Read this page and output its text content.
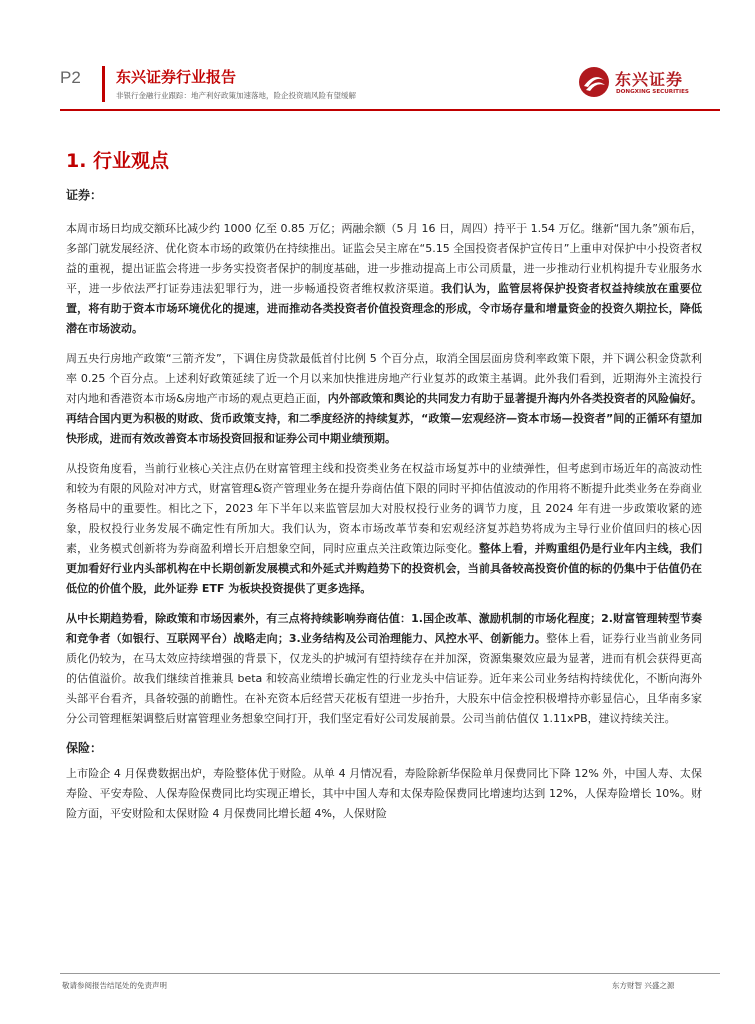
P2 东兴证券行业报告
非银行金融行业跟踪：地产利好政策加速落地，险企投资端风险有望缓解
东兴证券
DONGXING SECURITIES
1. 行业观点
证券：

本周市场日均成交额环比减少约 1000 亿至 0.85 万亿；两融余额（5 月 16 日，周四）持平于 1.54 万亿。继新“国九条”颁布后，多部门就发展经济、优化资本市场的政策仍在持续推出。证监会吴主席在“5.15 全国投资者保护宣传日”上重申对保护中小投资者权益的重视，提出证监会将进一步务实投资者保护的制度基础，进一步推动提高上市公司质量，进一步推动行业机构提升专业服务水平，进一步依法严打证券违法犯罪行为，进一步畅通投资者维权救济渠道。我们认为，监管层将保护投资者权益持续放在重要位置，将有助于资本市场环境优化的提速，进而推动各类投资者价值投资理念的形成，令市场存量和增量资金的投资久期拉长，降低潜在市场波动。

周五央行房地产政策“三箭齐发”，下调住房贷款最低首付比例 5 个百分点，取消全国层面房贷利率政策下限，并下调公积金贷款利率 0.25 个百分点。上述利好政策延续了近一个月以来加快推进房地产行业复苏的政策主基调。此外我们看到，近期海外主流投行对内地和香港资本市场&房地产市场的观点更趋正面，内外部政策和舆论的共同发力有助于显著提升海内外各类投资者的风险偏好。再结合国内更为积极的财政、货币政策支持，和二季度经济的持续复苏，“政策—宏观经济—资本市场—投资者”间的正循环有望加快形成，进而有效改善资本市场投资回报和证券公司中期业绩预期。

从投资角度看，当前行业核心关注点仍在财富管理主线和投资类业务在权益市场复苏中的业绩弹性，但考虑到市场近年的高波动性和较为有限的风险对冲方式，财富管理&资产管理业务在提升券商估值下限的同时平抑估值波动的作用将不断提升此类业务在券商业务格局中的重要性。相比之下，2023 年下半年以来监管层加大对股权投行业务的调节力度，且 2024 年有进一步政策收紧的迹象，股权投行业务发展不确定性有所加大。我们认为，资本市场改革节奏和宏观经济复苏趋势将成为主导行业价值回归的核心因素，业务模式创新将为券商盈利增长开启想象空间，同时应重点关注政策边际变化。整体上看，并购重组仍是行业年内主线，我们更加看好行业内头部机构在中长期创新发展模式和外延式并购趋势下的投资机会，当前具备较高投资价值的标的仍集中于估值仍在低位的价值个股，此外证券 ETF 为板块投资提供了更多选择。

从中长期趋势看，除政策和市场因素外，有三点将持续影响券商估值：1.国企改革、激励机制的市场化程度；2.财富管理转型节奏和竞争者（如银行、互联网平台）战略走向；3.业务结构及公司治理能力、风控水平、创新能力。整体上看，证券行业当前业务同质化仍较为，在马太效应持续增强的背景下，仅龙头的护城河有望持续存在并加深，资源集聚效应最为显著，进而有机会获得更高的估值溢价。故我们继续首推兼具 beta 和较高业绩增长确定性的行业龙头中信证券。近年来公司业务结构持续优化，不断向海外头部平台看齐，具备较强的前瞻性。在补充资本后经营天花板有望进一步抬升，大股东中信金控积极增持亦彰显信心，且华南多家分公司管理框架调整后财富管理业务想象空间打开，我们坚定看好公司发展前景。公司当前估值仅 1.11xPB，建议持续关注。

保险：

上市险企 4 月保费数据出炉，寿险整体优于财险。从单 4 月情况看，寿险除新华保险单月保费同比下降 12% 外，中国人寿、太保寿险、平安寿险、人保寿险保费同比均实现正增长，其中中国人寿和太保寿险保费同比增速均达到 12%，人保寿险增长 10%。财险方面，平安财险和太保财险 4 月保费同比增长超 4%，人保财险

敬请参阅报告结尾处的免责声明	东方财智 兴盛之源
